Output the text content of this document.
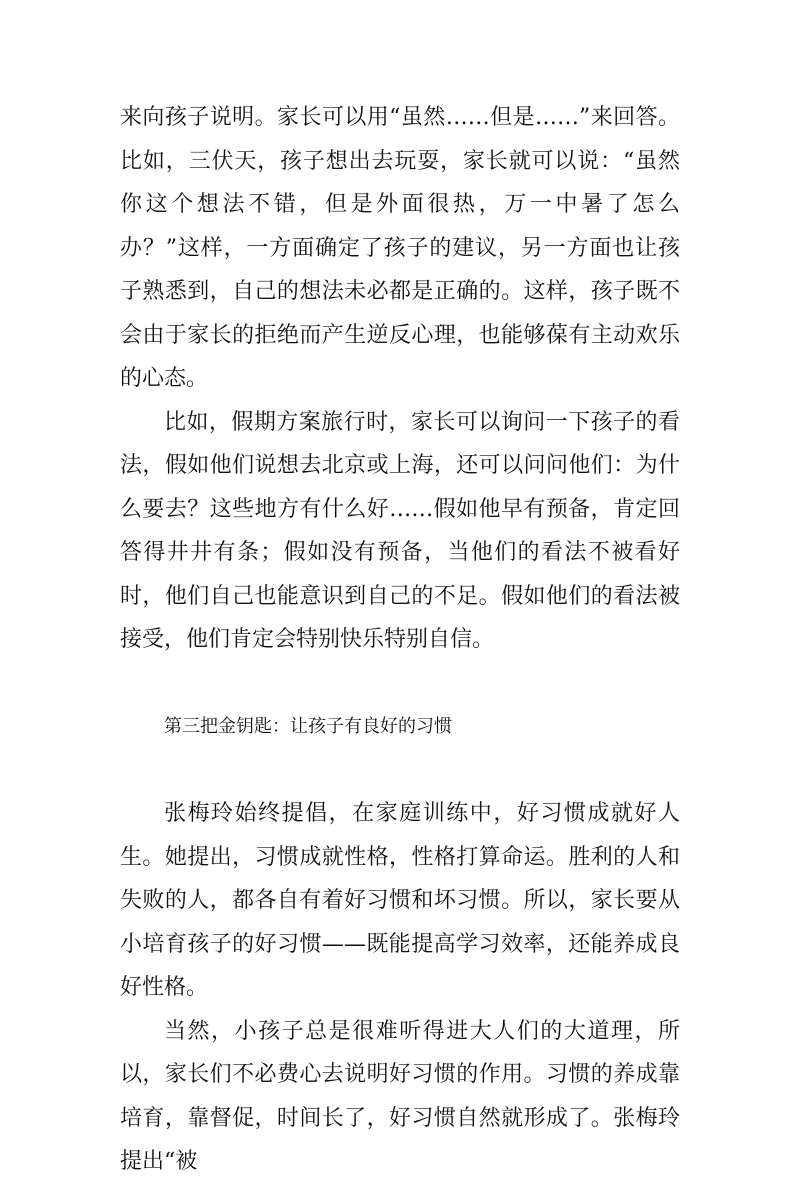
来向孩子说明。家长可以用“虽然……但是……”来回答。比如，三伏天，孩子想出去玩耍，家长就可以说：“虽然你这个想法不错，但是外面很热，万一中暑了怎么办？”这样，一方面确定了孩子的建议，另一方面也让孩子熟悉到，自己的想法未必都是正确的。这样，孩子既不会由于家长的拒绝而产生逆反心理，也能够葆有主动欢乐的心态。

比如，假期方案旅行时，家长可以询问一下孩子的看法，假如他们说想去北京或上海，还可以问问他们：为什么要去？这些地方有什么好……假如他早有预备，肯定回答得井井有条；假如没有预备，当他们的看法不被看好时，他们自己也能意识到自己的不足。假如他们的看法被接受，他们肯定会特别快乐特别自信。

第三把金钥匙：让孩子有良好的习惯

张梅玲始终提倡，在家庭训练中，好习惯成就好人生。她提出，习惯成就性格，性格打算命运。胜利的人和失败的人，都各自有着好习惯和坏习惯。所以，家长要从小培育孩子的好习惯——既能提高学习效率，还能养成良好性格。

当然，小孩子总是很难听得进大人们的大道理，所以，家长们不必费心去说明好习惯的作用。习惯的养成靠培育，靠督促，时间长了，好习惯自然就形成了。张梅玲提出“被
